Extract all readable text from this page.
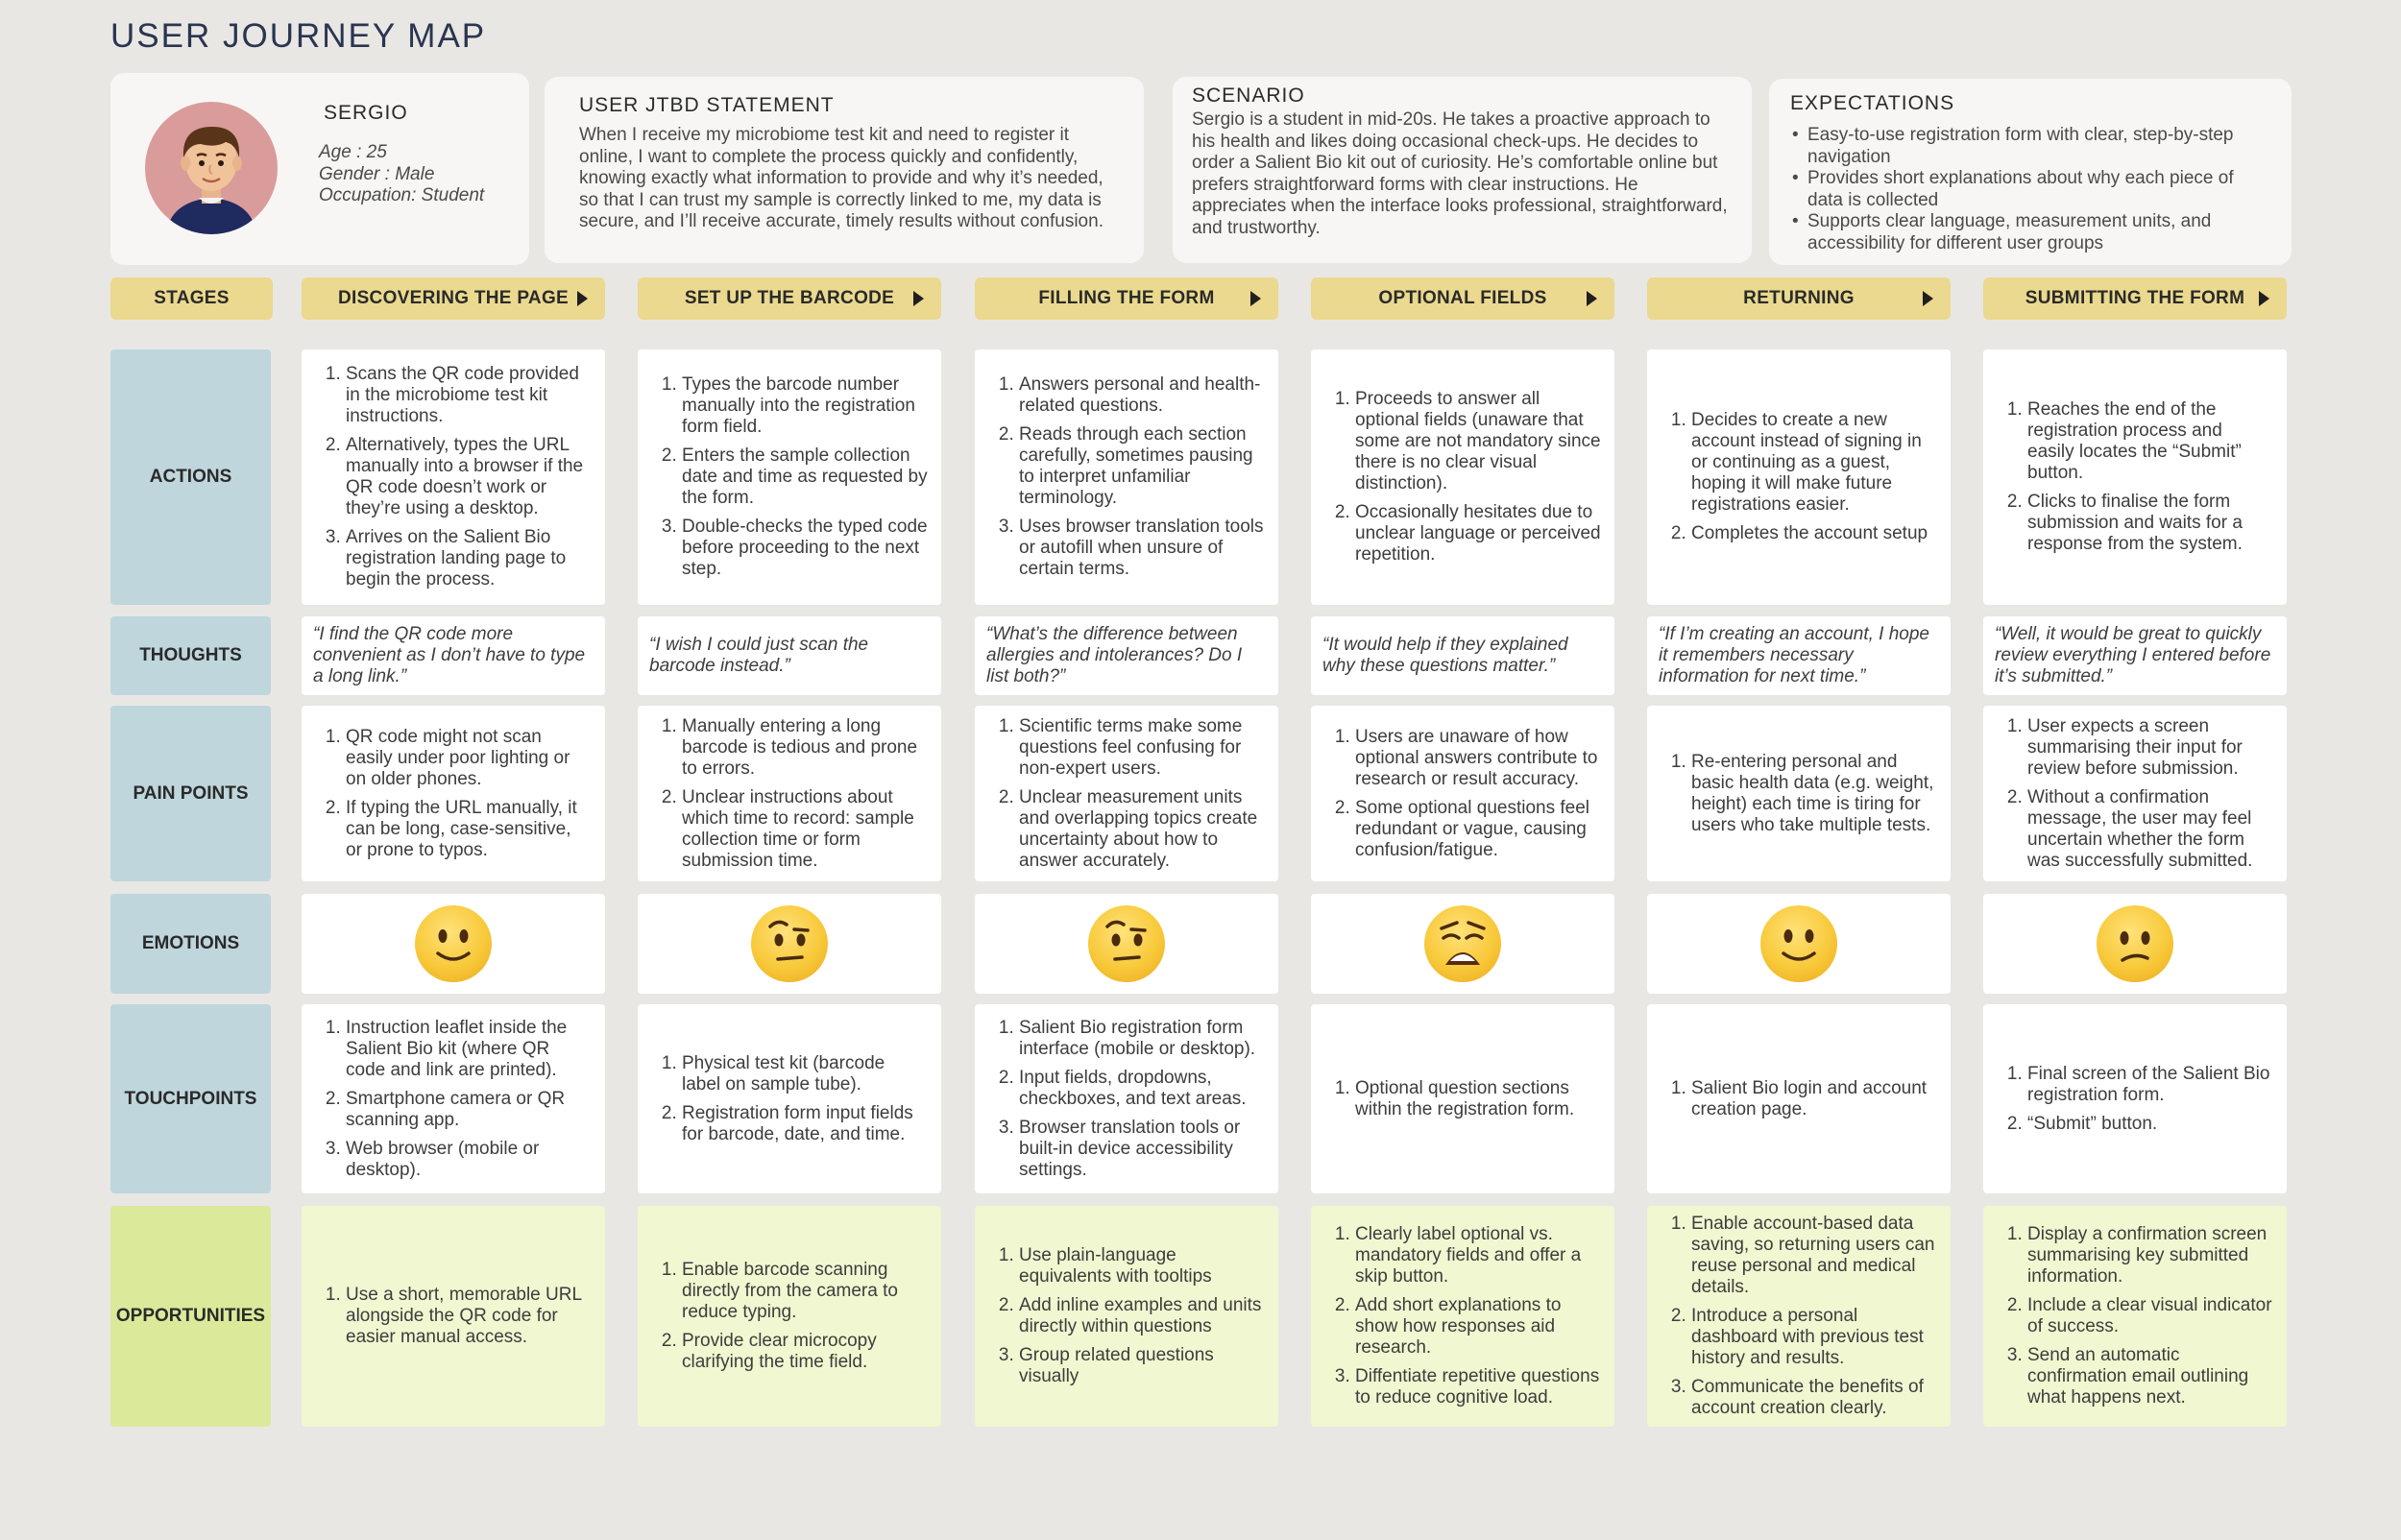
USER JOURNEY MAP
SERGIO
Age : 25
Gender : Male
Occupation: Student
USER JTBD STATEMENT

When I receive my microbiome test kit and need to register it online, I want to complete the process quickly and confidently, knowing exactly what information to provide and why it’s needed, so that I can trust my sample is correctly linked to me, my data is secure, and I’ll receive accurate, timely results without confusion.

SCENARIO

Sergio is a student in mid-20s. He takes a proactive approach to his health and likes doing occasional check-ups. He decides to order a Salient Bio kit out of curiosity. He’s comfortable online but prefers straightforward forms with clear instructions. He appreciates when the interface looks professional, straightforward, and trustworthy.

EXPECTATIONS
• Easy-to-use registration form with clear, step-by-step navigation
• Provides short explanations about why each piece of data is collected
• Supports clear language, measurement units, and accessibility for different user groups
STAGES
ACTIONS
THOUGHTS
PAIN POINTS
EMOTIONS
TOUCHPOINTS
OPPORTUNITIES
DISCOVERING THE PAGE
1. Scans the QR code provided in the microbiome test kit instructions.
2. Alternatively, types the URL manually into a browser if the QR code doesn’t work or they’re using a desktop.
3. Arrives on the Salient Bio registration landing page to begin the process.
“I find the QR code more convenient as I don’t have to type a long link.”
1. QR code might not scan easily under poor lighting or on older phones.
2. If typing the URL manually, it can be long, case-sensitive, or prone to typos.
1. Instruction leaflet inside the Salient Bio kit (where QR code and link are printed).
2. Smartphone camera or QR scanning app.
3. Web browser (mobile or desktop).
1. Use a short, memorable URL alongside the QR code for easier manual access.
SET UP THE BARCODE
1. Types the barcode number manually into the registration form field.
2. Enters the sample collection date and time as requested by the form.
3. Double-checks the typed code before proceeding to the next step.
“I wish I could just scan the barcode instead.”
1. Manually entering a long barcode is tedious and prone to errors.
2. Unclear instructions about which time to record: sample collection time or form submission time.
1. Physical test kit (barcode label on sample tube).
2. Registration form input fields for barcode, date, and time.
1. Enable barcode scanning directly from the camera to reduce typing.
2. Provide clear microcopy clarifying the time field.
FILLING THE FORM
1. Answers personal and health-related questions.
2. Reads through each section carefully, sometimes pausing to interpret unfamiliar terminology.
3. Uses browser translation tools or autofill when unsure of certain terms.
“What’s the difference between allergies and intolerances? Do I list both?”
1. Scientific terms make some questions feel confusing for non-expert users.
2. Unclear measurement units and overlapping topics create uncertainty about how to answer accurately.
1. Salient Bio registration form interface (mobile or desktop).
2. Input fields, dropdowns, checkboxes, and text areas.
3. Browser translation tools or built-in device accessibility settings.
1. Use plain-language equivalents with tooltips
2. Add inline examples and units directly within questions
3. Group related questions visually
OPTIONAL FIELDS
1. Proceeds to answer all optional fields (unaware that some are not mandatory since there is no clear visual distinction).
2. Occasionally hesitates due to unclear language or perceived repetition.
“It would help if they explained why these questions matter.”
1. Users are unaware of how optional answers contribute to research or result accuracy.
2. Some optional questions feel redundant or vague, causing confusion/fatigue.
1. Optional question sections within the registration form.
1. Clearly label optional vs. mandatory fields and offer a skip button.
2. Add short explanations to show how responses aid research.
3. Diffentiate repetitive questions to reduce cognitive load.
RETURNING
1. Decides to create a new account instead of signing in or continuing as a guest, hoping it will make future registrations easier.
2. Completes the account setup
“If I’m creating an account, I hope it remembers necessary information for next time.”
1. Re-entering personal and basic health data (e.g. weight, height) each time is tiring for users who take multiple tests.
1. Salient Bio login and account creation page.
1. Enable account-based data saving, so returning users can reuse personal and medical details.
2. Introduce a personal dashboard with previous test history and results.
3. Communicate the benefits of account creation clearly.
SUBMITTING THE FORM
1. Reaches the end of the registration process and easily locates the “Submit” button.
2. Clicks to finalise the form submission and waits for a response from the system.
“Well, it would be great to quickly review everything I entered before it’s submitted.”
1. User expects a screen summarising their input for review before submission.
2. Without a confirmation message, the user may feel uncertain whether the form was successfully submitted.
1. Final screen of the Salient Bio registration form.
2. “Submit” button.
1. Display a confirmation screen summarising key submitted information.
2. Include a clear visual indicator of success.
3. Send an automatic confirmation email outlining what happens next.
